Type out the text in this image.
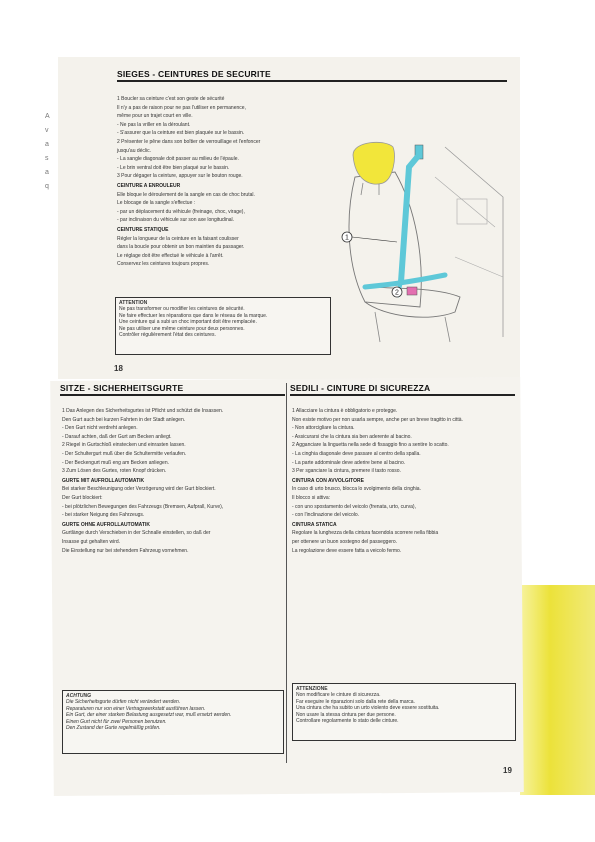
A
v
a
s
a
q
SIEGES - CEINTURES DE SECURITE

1 Boucler sa ceinture c'est son geste de sécurité

Il n'y a pas de raison pour ne pas l'utiliser en permanence,

même pour un trajet court en ville.

- Ne pas la vriller en la déroulant.

- S'assurer que la ceinture est bien plaquée sur le bassin.

2 Présenter le pêne dans son boîtier de verrouillage et l'enfoncer

jusqu'au déclic.

- La sangle diagonale doit passer au milieu de l'épaule.

- Le brin ventral doit être bien plaqué sur le bassin.

3 Pour dégager la ceinture, appuyer sur le bouton rouge.

CEINTURE A ENROULEUR

Elle bloque le déroulement de la sangle en cas de choc brutal.

Le blocage de la sangle s'effectue :

- par un déplacement du véhicule (freinage, choc, virage),

- par inclinaison du véhicule sur son axe longitudinal.

CEINTURE STATIQUE

Régler la longueur de la ceinture en la faisant coulisser

dans la boucle pour obtenir un bon maintien du passager.

Le réglage doit être effectué le véhicule à l'arrêt.

Conservez les ceintures toujours propres.

ATTENTION
Ne pas transformer ou modifier les ceintures de sécurité.
Ne faire effectuer les réparations que dans le réseau de la marque.
Une ceinture qui a subi un choc important doit être remplacée.
Ne pas utiliser une même ceinture pour deux personnes.
Contrôler régulièrement l'état des ceintures.
18
1
2
SITZE - SICHERHEITSGURTE	SEDILI - CINTURE DI SICUREZZA

1 Das Anlegen des Sicherheitsgurtes ist Pflicht und schützt die Insassen.

Den Gurt auch bei kurzen Fahrten in der Stadt anlegen.

- Den Gurt nicht verdreht anlegen.

- Darauf achten, daß der Gurt am Becken anliegt.

2 Riegel in Gurtschloß einstecken und einrasten lassen.

- Der Schultergurt muß über die Schultermitte verlaufen.

- Der Beckengurt muß eng am Becken anliegen.

3 Zum Lösen des Gurtes, roten Knopf drücken.

GURTE MIT AUFROLLAUTOMATIK

Bei starker Beschleunigung oder Verzögerung wird der Gurt blockiert.

Der Gurt blockiert:

- bei plötzlichen Bewegungen des Fahrzeugs (Bremsen, Aufprall, Kurve),

- bei starker Neigung des Fahrzeugs.

GURTE OHNE AUFROLLAUTOMATIK

Gurtlänge durch Verschieben in der Schnalle einstellen, so daß der

Insasse gut gehalten wird.

Die Einstellung nur bei stehendem Fahrzeug vornehmen.

ACHTUNG
Die Sicherheitsgurte dürfen nicht verändert werden.
Reparaturen nur von einer Vertragswerkstatt ausführen lassen.
Ein Gurt, der einer starken Belastung ausgesetzt war, muß ersetzt werden.
Einen Gurt nicht für zwei Personen benutzen.
Den Zustand der Gurte regelmäßig prüfen.

1 Allacciare la cintura è obbligatorio e protegge.

Non esiste motivo per non usarla sempre, anche per un breve tragitto in città.

- Non attorcigliare la cintura.

- Assicurarsi che la cintura sia ben aderente al bacino.

2 Agganciare la linguetta nella sede di fissaggio fino a sentire lo scatto.

- La cinghia diagonale deve passare al centro della spalla.

- La parte addominale deve aderire bene al bacino.

3 Per sganciare la cintura, premere il tasto rosso.

CINTURA CON AVVOLGITORE

In caso di urto brusco, blocca lo svolgimento della cinghia.

Il blocco si attiva:

- con uno spostamento del veicolo (frenata, urto, curva),

- con l'inclinazione del veicolo.

CINTURA STATICA

Regolare la lunghezza della cintura facendola scorrere nella fibbia

per ottenere un buon sostegno del passeggero.

La regolazione deve essere fatta a veicolo fermo.

ATTENZIONE
Non modificare le cinture di sicurezza.
Far eseguire le riparazioni solo dalla rete della marca.
Una cintura che ha subito un urto violento deve essere sostituita.
Non usare la stessa cintura per due persone.
Controllare regolarmente lo stato delle cinture.
19
